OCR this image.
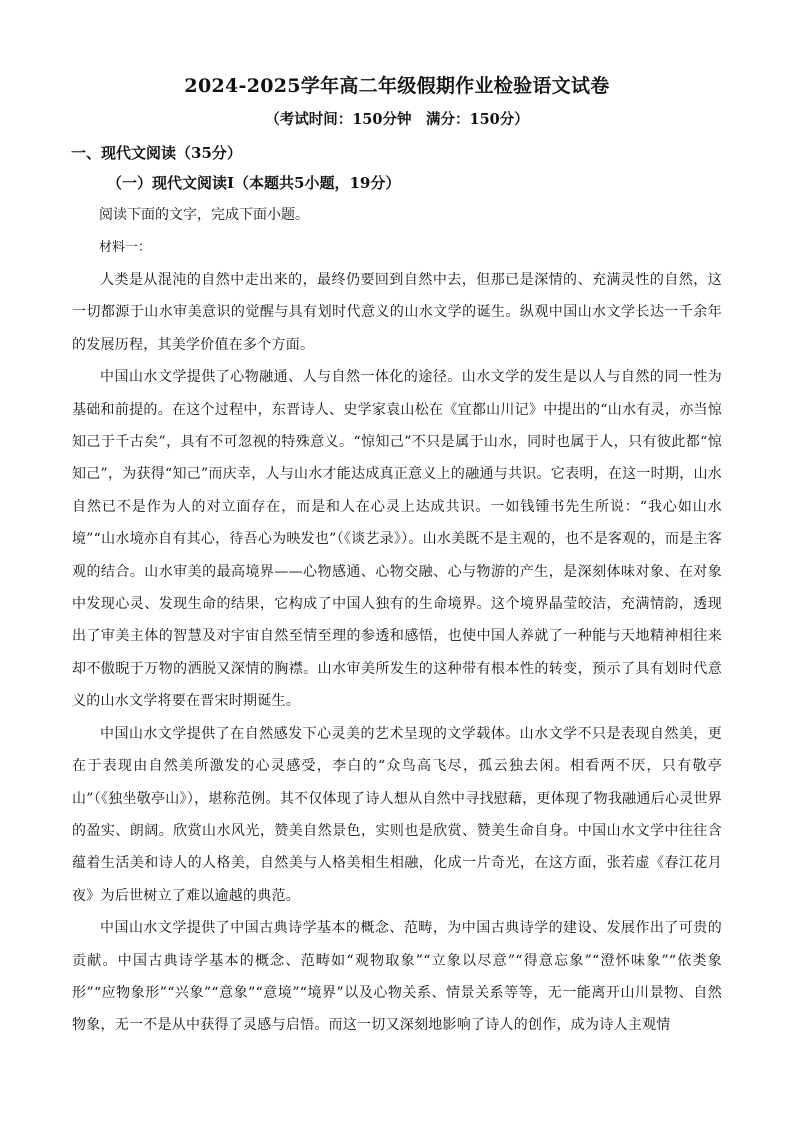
2024-2025学年高二年级假期作业检验语文试卷
（考试时间：150分钟　满分：150分）
一、现代文阅读（35分）
（一）现代文阅读Ⅰ（本题共5小题，19分）
阅读下面的文字，完成下面小题。
材料一：

人类是从混沌的自然中走出来的，最终仍要回到自然中去，但那已是深情的、充满灵性的自然，这一切都源于山水审美意识的觉醒与具有划时代意义的山水文学的诞生。纵观中国山水文学长达一千余年的发展历程，其美学价值在多个方面。

中国山水文学提供了心物融通、人与自然一体化的途径。山水文学的发生是以人与自然的同一性为基础和前提的。在这个过程中，东晋诗人、史学家袁山松在《宜都山川记》中提出的“山水有灵，亦当惊知己于千古矣”，具有不可忽视的特殊意义。“惊知己”不只是属于山水，同时也属于人，只有彼此都“惊知己”，为获得“知己”而庆幸，人与山水才能达成真正意义上的融通与共识。它表明，在这一时期，山水自然已不是作为人的对立面存在，而是和人在心灵上达成共识。一如钱锺书先生所说：“我心如山水境”“山水境亦自有其心，待吾心为映发也”（《谈艺录》）。山水美既不是主观的，也不是客观的，而是主客观的结合。山水审美的最高境界——心物感通、心物交融、心与物游的产生，是深刻体味对象、在对象中发现心灵、发现生命的结果，它构成了中国人独有的生命境界。这个境界晶莹皎洁，充满情韵，透现出了审美主体的智慧及对宇宙自然至情至理的参透和感悟，也使中国人养就了一种能与天地精神相往来却不傲睨于万物的洒脱又深情的胸襟。山水审美所发生的这种带有根本性的转变，预示了具有划时代意义的山水文学将要在晋宋时期诞生。

中国山水文学提供了在自然感发下心灵美的艺术呈现的文学载体。山水文学不只是表现自然美，更在于表现由自然美所激发的心灵感受，李白的“众鸟高飞尽，孤云独去闲。相看两不厌，只有敬亭山”（《独坐敬亭山》），堪称范例。其不仅体现了诗人想从自然中寻找慰藉，更体现了物我融通后心灵世界的盈实、朗阔。欣赏山水风光，赞美自然景色，实则也是欣赏、赞美生命自身。中国山水文学中往往含蕴着生活美和诗人的人格美，自然美与人格美相生相融，化成一片奇光，在这方面，张若虚《春江花月夜》为后世树立了难以逾越的典范。

中国山水文学提供了中国古典诗学基本的概念、范畴，为中国古典诗学的建设、发展作出了可贵的贡献。中国古典诗学基本的概念、范畴如“观物取象”“立象以尽意”“得意忘象”“澄怀味象”“依类象形”“应物象形”“兴象”“意象”“意境”“境界”以及心物关系、情景关系等等，无一能离开山川景物、自然物象，无一不是从中获得了灵感与启悟。而这一切又深刻地影响了诗人的创作，成为诗人主观情
